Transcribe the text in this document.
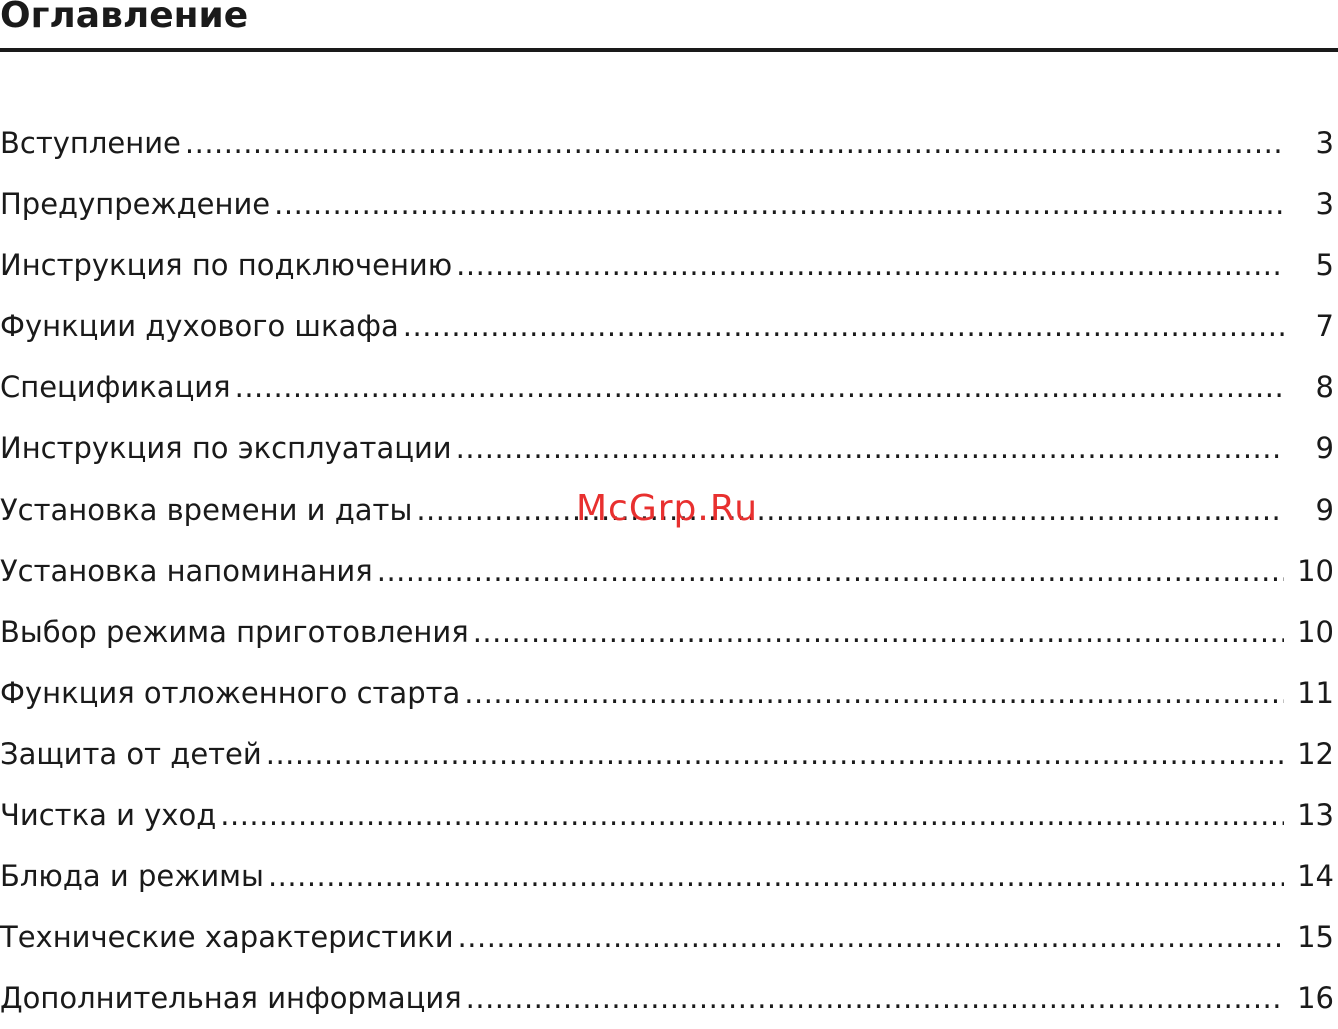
Оглавление
Вступление .....	3
Предупреждение .....	3
Инструкция по подключению .....	5
Функции духового шкафа .....	7
Спецификация .....	8
Инструкция по эксплуатации .....	9
Установка времени и даты .....	9
Установка напоминания .....	10
Выбор режима приготовления .....	10
Функция отложенного старта .....	11
Защита от детей .....	12
Чистка и уход .....	13
Блюда и режимы .....	14
Технические характеристики .....	15
Дополнительная информация .....	16
McGrp.Ru
